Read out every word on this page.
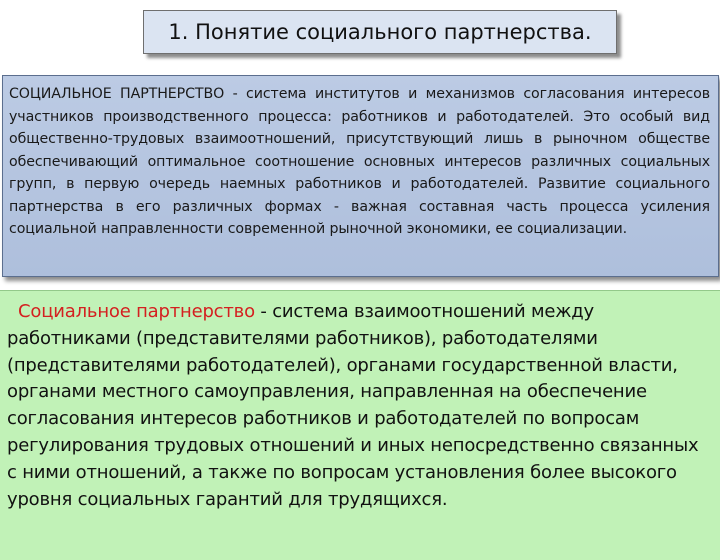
1. Понятие социального партнерства.

СОЦИАЛЬНОЕ ПАРТНЕРСТВО - система институтов и механизмов согласования интересов участников производственного процесса: работников и работодателей. Это особый вид общественно-трудовых взаимоотношений, присутствующий лишь в рыночном обществе обеспечивающий оптимальное соотношение основных интересов различных социальных групп, в первую очередь наемных работников и работодателей. Развитие социального партнерства в его различных формах - важная составная часть процесса усиления социальной направленности современной рыночной экономики, ее социализации.

Социальное партнерство - система взаимоотношений между работниками (представителями работников), работодателями (представителями работодателей), органами государственной власти, органами местного самоуправления, направленная на обеспечение согласования интересов работников и работодателей по вопросам регулирования трудовых отношений и иных непосредственно связанных с ними отношений, а также по вопросам установления более высокого уровня социальных гарантий для трудящихся.
